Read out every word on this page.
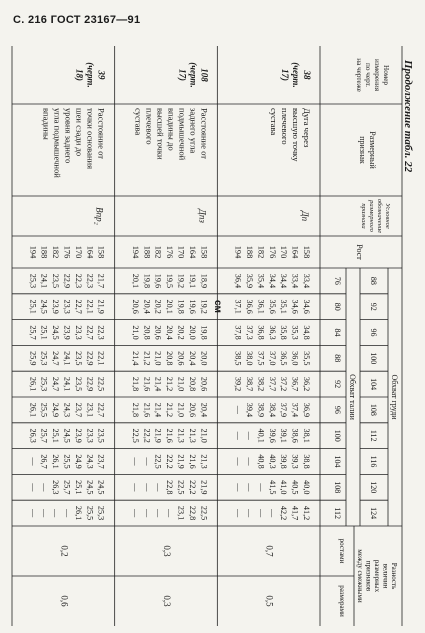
С. 216 ГОСТ 23167—91
Продолжение табл. 22
см
Номер
измерения
по черт.
на чертеже
Размерный
признак
Условное
обозначение
размерного
признака
Рост
Обхват груди
Обхват талии
88
92
96
100
104
108
112
116
120
124
76
80
84
88
92
96
100
104
108
112
Разность
величин
размерных
признаков
между смежными
ростами
размерами
38
(черт.
17)
Дуга через
высшую точку
плечевого
сустава
Дп
158
164
170
176
182
188
194
33,4
33,4
34,4
34,4
35,4
35,9
36,4
34,6
34,6
35,1
35,6
36,1
36,6
37,1
34,8
35,3
35,8
36,3
36,8
37,3
37,8
35,5
36,0
36,5
37,0
37,5
38,0
38,5
36,2
36,7
37,2
37,7
38,2
38,7
39,2
36,9
37,4
37,9
38,4
38,9
39,4
—
38,1
38,6
39,1
39,6
40,1
—
—
38,8
39,3
39,8
40,3
40,8
—
—
40,0
40,5
41,0
41,5
—
—
—
41,2
41,7
42,2
—
—
—
—
0,7
0,5
108
(черт.
17)
Расстояние от
заднего угла
подмышечной
впадины до
высшей точки
плечевого
сустава
Дпз
158
164
170
176
182
188
194
18,9
19,1
19,2
19,5
19,6
19,8
20,1
19,2
19,6
19,8
20,1
20,2
20,4
20,6
19,8
20,0
20,2
20,4
20,6
20,8
21,0
20,0
20,4
20,6
20,8
21,0
21,2
21,4
20,6
20,8
21,0
21,2
21,4
21,6
21,8
20,4
20,6
21,0
21,2
21,4
21,6
21,8
21,0
21,3
21,3
21,6
21,9
22,2
22,5
21,3
21,6
21,9
22,2
22,5
—
—
21,9
22,2
22,5
22,8
—
—
—
22,5
22,8
23,1
—
—
—
—
0,3
0,3
39
(черт.
18)
Расстояние от
точки основания
шеи сзади до
уровня заднего
угла подмышечной
впадины
Впр₂
158
164
170
176
182
188
194
21,7
22,3
22,3
22,9
23,5
24,1
25,3
21,9
22,1
22,7
23,3
23,9
24,5
25,1
22,3
22,7
23,3
23,9
24,5
25,1
25,7
22,1
22,9
23,5
24,1
24,7
25,3
25,9
22,5
22,9
23,5
24,1
24,7
25,3
26,1
22,7
23,1
23,7
24,3
24,9
25,5
26,1
23,5
23,3
23,9
24,5
25,1
25,7
26,3
23,7
24,3
24,9
25,5
26,1
26,7
—
24,5
24,5
25,1
25,7
26,3
—
—
25,3
25,5
26,1
—
—
—
—
0,2
0,6
